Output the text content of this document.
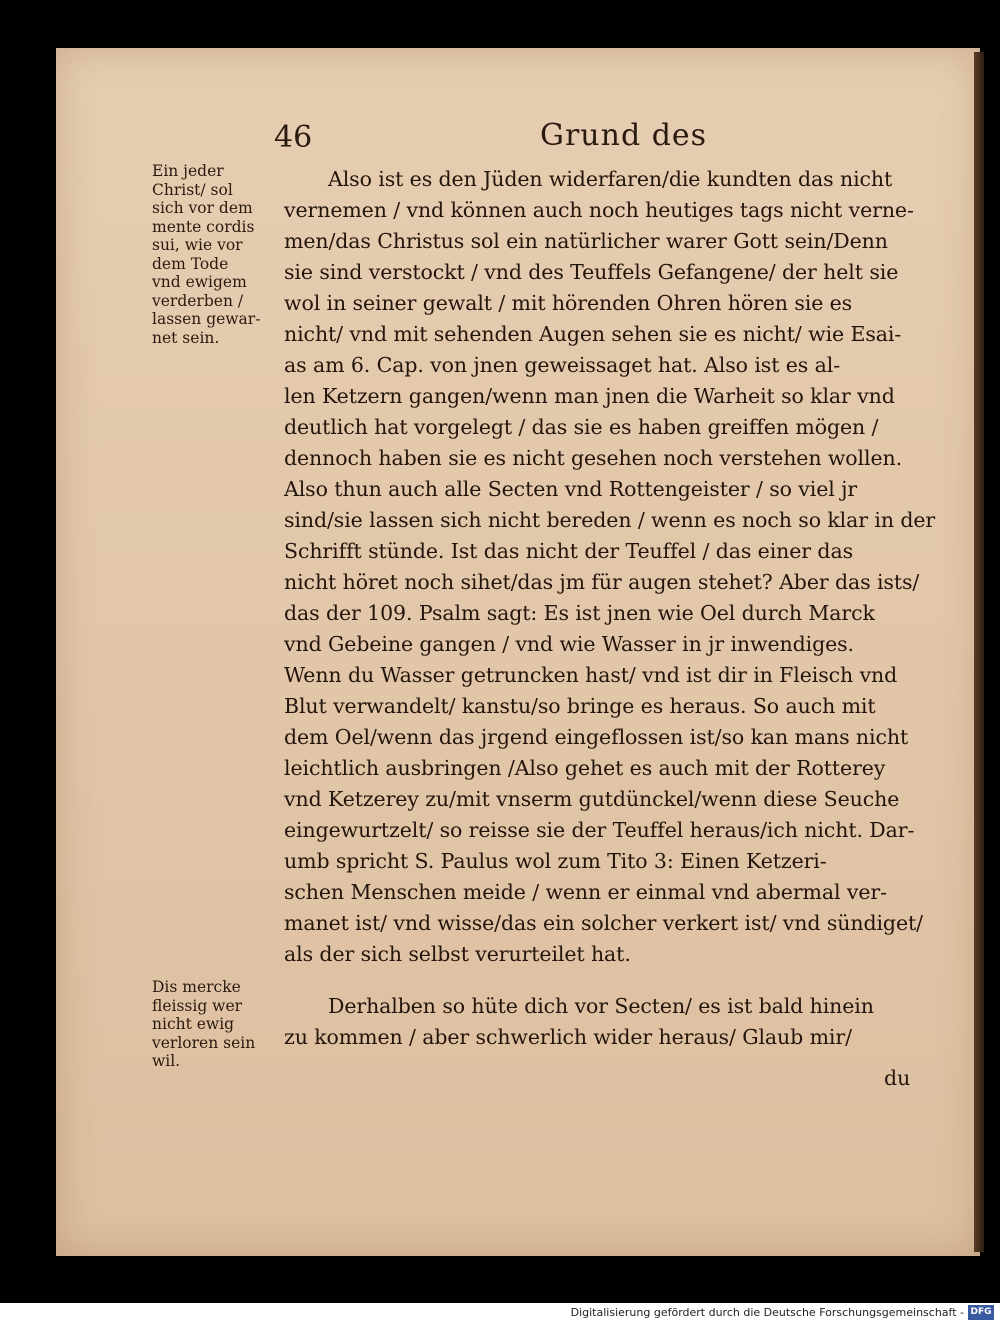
46	Grund des
Ein jeder
Christ/ sol
sich vor dem
mente cordis
sui, wie vor
dem Tode
vnd ewigem
verderben /
lassen gewar-
net sein.
Dis mercke
fleissig wer
nicht ewig
verloren sein
wil.
Also ist es den Jüden widerfaren/die kundten das nicht
vernemen / vnd können auch noch heutiges tags nicht verne-
men/das Christus sol ein natürlicher warer Gott sein/Denn
sie sind verstockt / vnd des Teuffels Gefangene/ der helt sie
wol in seiner gewalt / mit hörenden Ohren hören sie es
nicht/ vnd mit sehenden Augen sehen sie es nicht/ wie Esai-
as am 6. Cap. von jnen geweissaget hat. Also ist es al-
len Ketzern gangen/wenn man jnen die Warheit so klar vnd
deutlich hat vorgelegt / das sie es haben greiffen mögen /
dennoch haben sie es nicht gesehen noch verstehen wollen.
Also thun auch alle Secten vnd Rottengeister / so viel jr
sind/sie lassen sich nicht bereden / wenn es noch so klar in der
Schrifft stünde. Ist das nicht der Teuffel / das einer das
nicht höret noch sihet/das jm für augen stehet? Aber das ists/
das der 109. Psalm sagt: Es ist jnen wie Oel durch Marck
vnd Gebeine gangen / vnd wie Wasser in jr inwendiges.
Wenn du Wasser getruncken hast/ vnd ist dir in Fleisch vnd
Blut verwandelt/ kanstu/so bringe es heraus. So auch mit
dem Oel/wenn das jrgend eingeflossen ist/so kan mans nicht
leichtlich ausbringen /Also gehet es auch mit der Rotterey
vnd Ketzerey zu/mit vnserm gutdünckel/wenn diese Seuche
eingewurtzelt/ so reisse sie der Teuffel heraus/ich nicht. Dar-
umb spricht S. Paulus wol zum Tito 3: Einen Ketzeri-
schen Menschen meide / wenn er einmal vnd abermal ver-
manet ist/ vnd wisse/das ein solcher verkert ist/ vnd sündiget/
als der sich selbst verurteilet hat.
Derhalben so hüte dich vor Secten/ es ist bald hinein
zu kommen / aber schwerlich wider heraus/ Glaub mir/
du
Digitalisierung gefördert durch die Deutsche Forschungsgemeinschaft - DFG
